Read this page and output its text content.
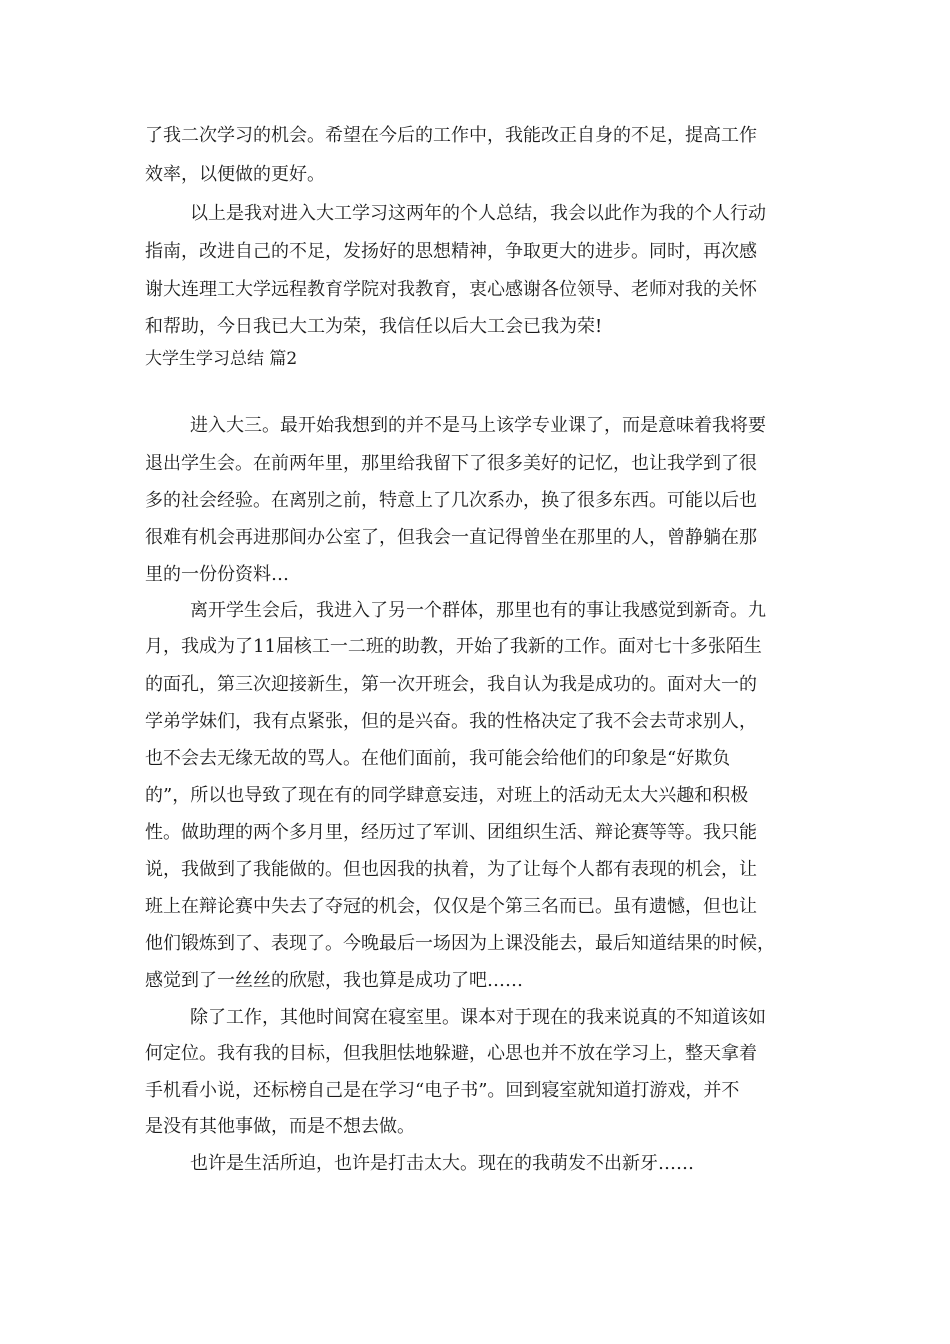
了我二次学习的机会。希望在今后的工作中，我能改正自身的不足，提高工作

效率，以便做的更好。

以上是我对进入大工学习这两年的个人总结，我会以此作为我的个人行动

指南，改进自己的不足，发扬好的思想精神，争取更大的进步。同时，再次感

谢大连理工大学远程教育学院对我教育，衷心感谢各位领导、老师对我的关怀

和帮助，今日我已大工为荣，我信任以后大工会已我为荣!

大学生学习总结 篇2

进入大三。最开始我想到的并不是马上该学专业课了，而是意味着我将要

退出学生会。在前两年里，那里给我留下了很多美好的记忆，也让我学到了很

多的社会经验。在离别之前，特意上了几次系办，换了很多东西。可能以后也

很难有机会再进那间办公室了，但我会一直记得曾坐在那里的人，曾静躺在那

里的一份份资料…

离开学生会后，我进入了另一个群体，那里也有的事让我感觉到新奇。九

月，我成为了11届核工一二班的助教，开始了我新的工作。面对七十多张陌生

的面孔，第三次迎接新生，第一次开班会，我自认为我是成功的。面对大一的

学弟学妹们，我有点紧张，但的是兴奋。我的性格决定了我不会去苛求别人，

也不会去无缘无故的骂人。在他们面前，我可能会给他们的印象是“好欺负

的”，所以也导致了现在有的同学肆意妄违，对班上的活动无太大兴趣和积极

性。做助理的两个多月里，经历过了军训、团组织生活、辩论赛等等。我只能

说，我做到了我能做的。但也因我的执着，为了让每个人都有表现的机会，让

班上在辩论赛中失去了夺冠的机会，仅仅是个第三名而已。虽有遗憾，但也让

他们锻炼到了、表现了。今晚最后一场因为上课没能去，最后知道结果的时候，

感觉到了一丝丝的欣慰，我也算是成功了吧……

除了工作，其他时间窝在寝室里。课本对于现在的我来说真的不知道该如

何定位。我有我的目标，但我胆怯地躲避，心思也并不放在学习上，整天拿着

手机看小说，还标榜自己是在学习“电子书”。回到寝室就知道打游戏，并不

是没有其他事做，而是不想去做。

也许是生活所迫，也许是打击太大。现在的我萌发不出新牙……
